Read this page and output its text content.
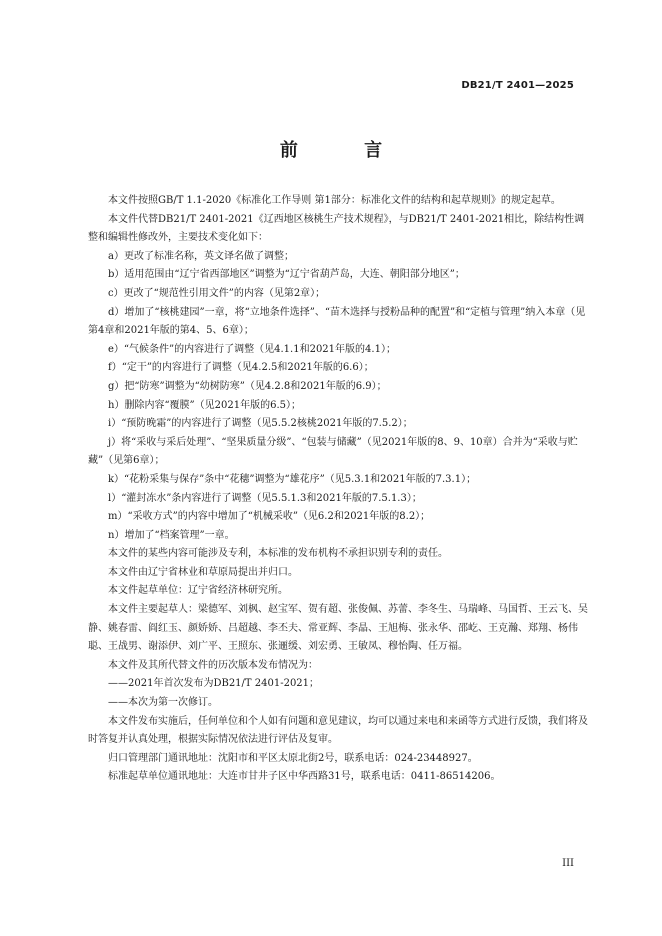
DB21/T 2401—2025
前 言

本文件按照GB/T 1.1-2020《标准化工作导则 第1部分：标准化文件的结构和起草规则》的规定起草。

本文件代替DB21/T 2401-2021《辽西地区核桃生产技术规程》，与DB21/T 2401-2021相比，除结构性调整和编辑性修改外，主要技术变化如下：

a）更改了标准名称，英文译名做了调整；

b）适用范围由“辽宁省西部地区”调整为“辽宁省葫芦岛，大连、朝阳部分地区”；

c）更改了“规范性引用文件”的内容（见第2章）；

d）增加了“核桃建园”一章，将“立地条件选择”、“苗木选择与授粉品种的配置”和“定植与管理”纳入本章（见第4章和2021年版的第4、5、6章）；

e）“气候条件”的内容进行了调整（见4.1.1和2021年版的4.1）；

f）“定干”的内容进行了调整（见4.2.5和2021年版的6.6）；

g）把“防寒”调整为“幼树防寒”（见4.2.8和2021年版的6.9）；

h）删除内容“覆膜”（见2021年版的6.5）；

i）“预防晚霜”的内容进行了调整（见5.5.2核桃2021年版的7.5.2）；

j）将“采收与采后处理”、“坚果质量分级”、“包装与储藏”（见2021年版的8、9、10章）合并为“采收与贮藏”（见第6章）；

k）“花粉采集与保存”条中“花穗”调整为“雄花序”（见5.3.1和2021年版的7.3.1）；

l）“灌封冻水”条内容进行了调整（见5.5.1.3和2021年版的7.5.1.3）；

m）“采收方式”的内容中增加了“机械采收”（见6.2和2021年版的8.2）；

n）增加了“档案管理”一章。

本文件的某些内容可能涉及专利，本标准的发布机构不承担识别专利的责任。

本文件由辽宁省林业和草原局提出并归口。

本文件起草单位：辽宁省经济林研究所。

本文件主要起草人：梁德军、刘枫、赵宝军、贺有超、张俊佩、苏蕾、李冬生、马瑞峰、马国哲、王云飞、吴静、姚春雷、阎红玉、颜娇娇、吕超越、李丕夫、常亚辉、李晶、王旭梅、张永华、邵屹、王克瀚、郑翔、杨伟聪、王战男、谢添伊、刘广平、王照东、张逦缓、刘宏勇、王敏凤、穆怡陶、任万福。

本文件及其所代替文件的历次版本发布情况为：

——2021年首次发布为DB21/T 2401-2021；

——本次为第一次修订。

本文件发布实施后，任何单位和个人如有问题和意见建议，均可以通过来电和来函等方式进行反馈，我们将及时答复并认真处理，根据实际情况依法进行评估及复审。

归口管理部门通讯地址：沈阳市和平区太原北街2号，联系电话：024-23448927。

标准起草单位通讯地址：大连市甘井子区中华西路31号，联系电话：0411-86514206。

III
